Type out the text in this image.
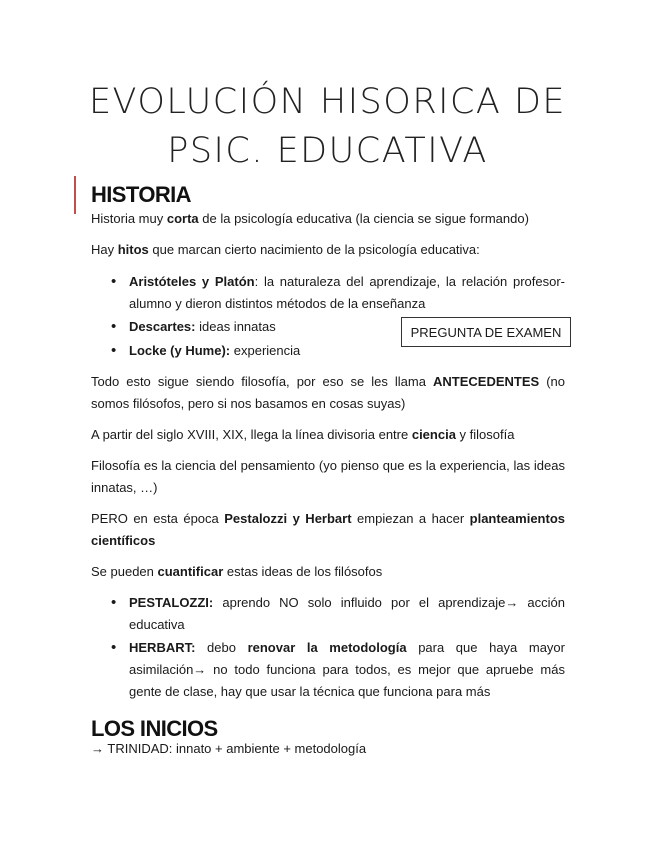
EVOLUCIÓN HISORICA DE
PSIC. EDUCATIVA
HISTORIA

Historia muy corta de la psicología educativa (la ciencia se sigue formando)

Hay hitos que marcan cierto nacimiento de la psicología educativa:

• Aristóteles y Platón: la naturaleza del aprendizaje, la relación profesor-alumno y dieron distintos métodos de la enseñanza

• Descartes: ideas innatas

• Locke (y Hume): experiencia

PREGUNTA DE EXAMEN

Todo esto sigue siendo filosofía, por eso se les llama ANTECEDENTES (no somos filósofos, pero si nos basamos en cosas suyas)

A partir del siglo XVIII, XIX, llega la línea divisoria entre ciencia y filosofía

Filosofía es la ciencia del pensamiento (yo pienso que es la experiencia, las ideas innatas, …)

PERO en esta época Pestalozzi y Herbart empiezan a hacer planteamientos científicos

Se pueden cuantificar estas ideas de los filósofos

• PESTALOZZI: aprendo NO solo influido por el aprendizaje→ acción educativa

• HERBART: debo renovar la metodología para que haya mayor asimilación→ no todo funciona para todos, es mejor que apruebe más gente de clase, hay que usar la técnica que funciona para más

LOS INICIOS

→ TRINIDAD: innato + ambiente + metodología
